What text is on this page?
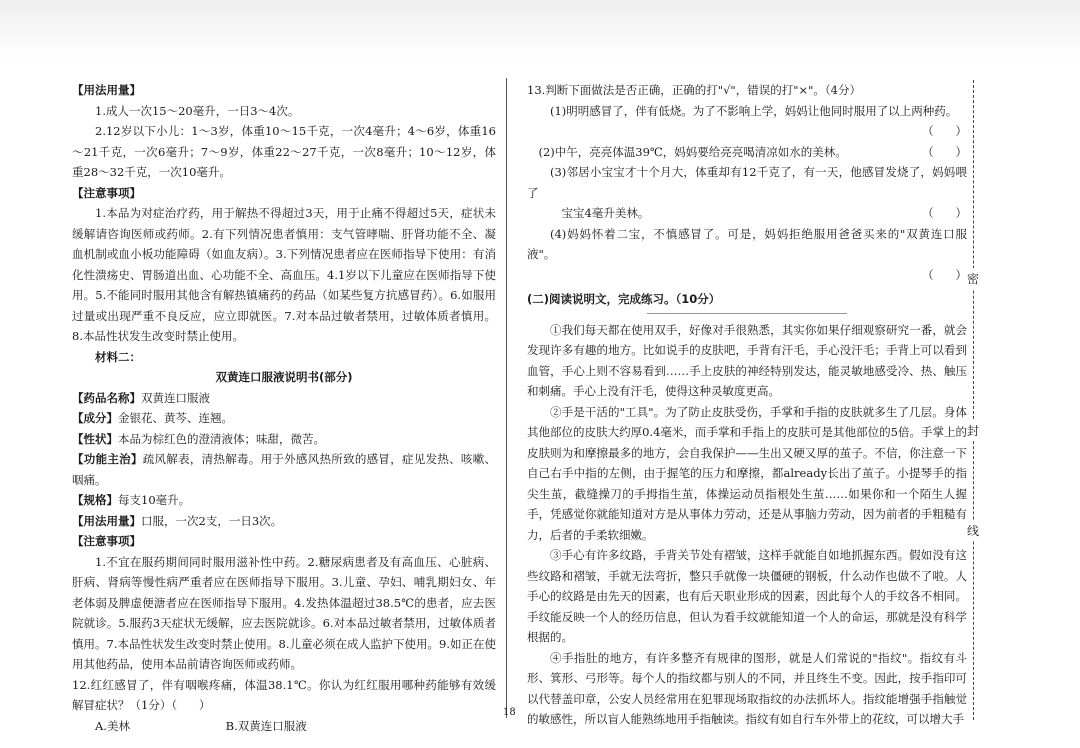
【用法用量】

1.成人一次15～20毫升，一日3～4次。

2.12岁以下小儿：1～3岁，体重10～15千克，一次4毫升；4～6岁，体重16～21千克，一次6毫升；7～9岁，体重22～27千克，一次8毫升；10～12岁，体重28～32千克，一次10毫升。

【注意事项】

1.本品为对症治疗药，用于解热不得超过3天，用于止痛不得超过5天，症状未缓解请咨询医师或药师。2.有下列情况患者慎用：支气管哮喘、肝肾功能不全、凝血机制或血小板功能障碍（如血友病）。3.下列情况患者应在医师指导下使用：有消化性溃疡史、胃肠道出血、心功能不全、高血压。4.1岁以下儿童应在医师指导下使用。5.不能同时服用其他含有解热镇痛药的药品（如某些复方抗感冒药）。6.如服用过量或出现严重不良反应，应立即就医。7.对本品过敏者禁用，过敏体质者慎用。8.本品性状发生改变时禁止使用。

材料二：

双黄连口服液说明书(部分)

【药品名称】双黄连口服液

【成分】金银花、黄芩、连翘。

【性状】本品为棕红色的澄清液体；味甜，微苦。

【功能主治】疏风解表，清热解毒。用于外感风热所致的感冒，症见发热、咳嗽、咽痛。

【规格】每支10毫升。

【用法用量】口服，一次2支，一日3次。

【注意事项】

1.不宜在服药期间同时服用滋补性中药。2.糖尿病患者及有高血压、心脏病、肝病、肾病等慢性病严重者应在医师指导下服用。3.儿童、孕妇、哺乳期妇女、年老体弱及脾虚便溏者应在医师指导下服用。4.发热体温超过38.5℃的患者，应去医院就诊。5.服药3天症状无缓解，应去医院就诊。6.对本品过敏者禁用，过敏体质者慎用。7.本品性状发生改变时禁止使用。8.儿童必须在成人监护下使用。9.如正在使用其他药品，使用本品前请咨询医师或药师。

12.红红感冒了，伴有咽喉疼痛，体温38.1℃。你认为红红服用哪种药能够有效缓解冒症状？（1分）（      ）

A.美林	B.双黄连口服液

13.判断下面做法是否正确，正确的打"√"，错误的打"×"。（4分）

(1)明明感冒了，伴有低烧。为了不影响上学，妈妈让他同时服用了以上两种药。

（      ）
(2)中午，亮亮体温39℃，妈妈要给亮亮喝清凉如水的美林。	（      ）

(3)邻居小宝宝才十个月大，体重却有12千克了，有一天，他感冒发烧了，妈妈喂了

宝宝4毫升美林。	（      ）

(4)妈妈怀着二宝，不慎感冒了。可是，妈妈拒绝服用爸爸买来的"双黄连口服液"。

（      ）

(二)阅读说明文，完成练习。（10分）

①我们每天都在使用双手，好像对手很熟悉，其实你如果仔细观察研究一番，就会发现许多有趣的地方。比如说手的皮肤吧，手背有汗毛，手心没汗毛；手背上可以看到血管，手心上则不容易看到……手上皮肤的神经特别发达，能灵敏地感受冷、热、触压和刺痛。手心上没有汗毛，使得这种灵敏度更高。

②手是干活的"工具"。为了防止皮肤受伤，手掌和手指的皮肤就多生了几层。身体其他部位的皮肤大约厚0.4毫米，而手掌和手指上的皮肤可是其他部位的5倍。手掌上的皮肤则为和摩擦最多的地方，会自我保护——生出又硬又厚的茧子。不信，你注意一下自己右手中指的左侧，由于握笔的压力和摩擦，都already长出了茧子。小提琴手的指尖生茧，截缝操刀的手拇指生茧，体操运动员指根处生茧……如果你和一个陌生人握手，凭感觉你就能知道对方是从事体力劳动，还是从事脑力劳动，因为前者的手粗糙有力，后者的手柔软细嫩。

③手心有许多纹路，手背关节处有褶皱，这样手就能自如地抓握东西。假如没有这些纹路和褶皱，手就无法弯折，整只手就像一块僵硬的钢板，什么动作也做不了啦。人手心的纹路是由先天的因素，也有后天职业形成的因素，因此每个人的手纹各不相同。手纹能反映一个人的经历信息，但认为看手纹就能知道一个人的命运，那就是没有科学根据的。

④手指肚的地方，有许多整齐有规律的图形，就是人们常说的"指纹"。指纹有斗形、箕形、弓形等。每个人的指纹都与别人的不同，并且终生不变。因此，按手指印可以代替盖印章，公安人员经常用在犯罪现场取指纹的办法抓坏人。指纹能增强手指触觉的敏感性，所以盲人能熟练地用手指触读。指纹有如自行车外带上的花纹，可以增大手

密
封
线
18
